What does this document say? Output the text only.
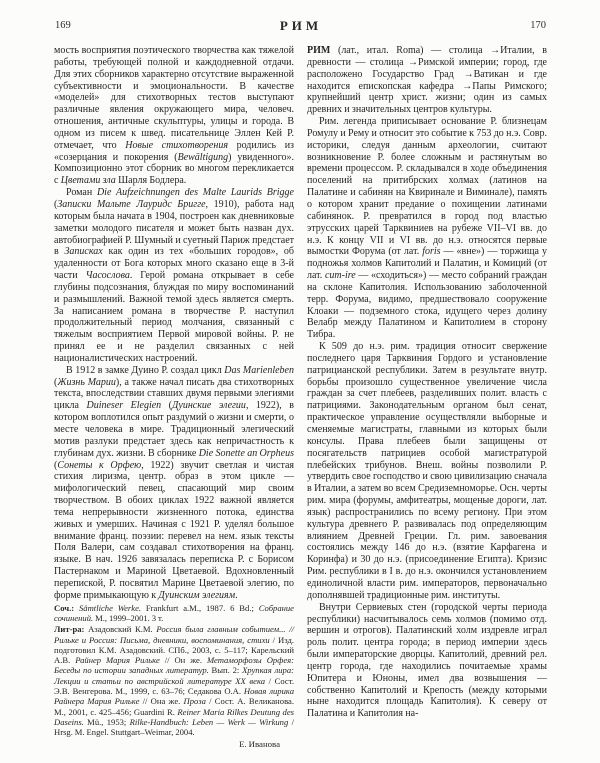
169	РИМ	170

мость восприятия поэтического творчества как тяжелой работы, требующей полной и каждодневной отдачи. Для этих сборников характерно отсутствие выраженной субъективности и эмоциональности. В качестве «моделей» для стихотворных тестов выступают различные явления окружающего мира, человеч. отношения, античные скульптуры, улицы и города. В одном из писем к швед. писательнице Эллен Кей Р. отмечает, что Новые стихотворения родились из «созерцания и покорения (Bewältigung) увиденного». Композиционно этот сборник во многом перекликается с Цветами зла Шарля Бодлера.

Роман Die Aufzeichnungen des Malte Laurids Brigge (Записки Мальте Лауридс Бригге, 1910), работа над которым была начата в 1904, построен как дневниковые заметки молодого писателя и может быть назван дух. автобиографией Р. Шумный и суетный Париж предстает в Записках как один из тех «больших городов», об удаленности от Бога которых много сказано еще в 3-й части Часослова. Герой романа открывает в себе глубины подсознания, блуждая по миру воспоминаний и размышлений. Важной темой здесь является смерть. За написанием романа в творчестве Р. наступил продолжительный период молчания, связанный с тяжелым восприятием Первой мировой войны. Р. не принял ее и не разделил связанных с ней националистических настроений.

В 1912 в замке Дуино Р. создал цикл Das Marienleben (Жизнь Марии), а также начал писать два стихотворных текста, впоследствии ставших двумя первыми элегиями цикла Duineser Elegien (Дуинские элегии, 1922), в котором воплотился опыт раздумий о жизни и смерти, о месте человека в мире. Традиционный элегический мотив разлуки предстает здесь как непричастность к глубинам дух. жизни. В сборнике Die Sonette an Orpheus (Сонеты к Орфею, 1922) звучит светлая и чистая стихия лиризма, центр. образ в этом цикле — мифологический певец, спасающий мир своим творчеством. В обоих циклах 1922 важной является тема непрерывности жизненного потока, единства живых и умерших. Начиная с 1921 Р. уделял большое внимание франц. поэзии: перевел на нем. язык тексты Поля Валери, сам создавал стихотворения на франц. языке. В нач. 1926 завязалась переписка Р. с Борисом Пастернаком и Мариной Цветаевой. Вдохновленный перепиской, Р. посвятил Марине Цветаевой элегию, по форме примыкающую к Дуинским элегиям.

Соч.: Sämtliche Werke. Frankfurt a.M., 1987. 6 Bd.; Собрание сочинений. М., 1999–2001. 3 т.

Лит-ра: Азадовский К.М. Россия была главным событием... // Рильке и Россия: Письма, дневники, воспоминания, стихи / Изд. подготовил К.М. Азадовский. СПб., 2003, с. 5–117; Карельский А.В. Райнер Мария Рильке // Он же. Метаморфозы Орфея: Беседы по истории западных литератур. Вып. 2: Хрупкая лира: Лекции и статьи по австрийской литературе XX века / Сост. Э.В. Венгерова. М., 1999, с. 63–76; Седакова О.А. Новая лирика Райнера Мария Рильке // Она же. Проза / Сост. А. Великанова. М., 2001, с. 425–456; Guardini R. Reiner Maria Rilkes Deutung des Daseins. Mü., 1953; Rilke-Handbuch: Leben — Werk — Wirkung / Hrsg. M. Engel. Stuttgart–Weimar, 2004.

Е. Иванова

РИМ (лат., итал. Roma) — столица →Италии, в древности — столица →Римской империи; город, где расположено Государство Град →Ватикан и где находится епископская кафедра →Папы Римского; крупнейший центр христ. жизни; один из самых древних и значительных центров культуры.

Рим. легенда приписывает основание Р. близнецам Ромулу и Рему и относит это событие к 753 до н.э. Совр. историки, следуя данным археологии, считают возникновение Р. более сложным и растянутым во времени процессом. Р. складывался в ходе объединения поселений на притибрских холмах (латинов на Палатине и сабинян на Квиринале и Виминале), память о котором хранит предание о похищении латинами сабинянок. Р. превратился в город под властью этрусских царей Тарквиниев на рубеже VII–VI вв. до н.э. К концу VII и VI вв. до н.э. относятся первые вымостки Форума (от лат. foris — «вне») — торжища у подножья холмов Капитолий и Палатин, и Комиций (от лат. cum-ire — «сходиться») — место собраний граждан на склоне Капитолия. Использованию заболоченной терр. Форума, видимо, предшествовало сооружение Клоаки — подземного стока, идущего через долину Велабр между Палатином и Капитолием в сторону Тибра.

К 509 до н.э. рим. традиция относит свержение последнего царя Тарквиния Гордого и установление патрицианской республики. Затем в результате внутр. борьбы произошло существенное увеличение числа граждан за счет плебеев, разделивших полит. власть с патрициями. Законодательным органом был сенат, практическое управление осуществляли выборные и сменяемые магистраты, главными из которых были консулы. Права плебеев были защищены от посягательств патрициев особой магистратурой плебейских трибунов. Внеш. войны позволили Р. утвердить свое господство и свою цивилизацию сначала в Италии, а затем во всем Средиземноморье. Осн. черты рим. мира (форумы, амфитеатры, мощеные дороги, лат. язык) распространились по всему региону. При этом культура древнего Р. развивалась под определяющим влиянием Древней Греции. Гл. рим. завоевания состоялись между 146 до н.э. (взятие Карфагена и Коринфа) и 30 до н.э. (присоединение Египта). Кризис Рим. республики в I в. до н.э. окончился установлением единоличной власти рим. императоров, первоначально дополнявшей традиционные рим. институты.

Внутри Сервиевых стен (городской черты периода республики) насчитывалось семь холмов (помимо отд. вершин и отрогов). Палатинский холм издревле играл роль полит. центра города; в период империи здесь были императорские дворцы. Капитолий, древний рел. центр города, где находились почитаемые храмы Юпитера и Юноны, имел два возвышения — собственно Капитолий и Крепость (между которыми ныне находится площадь Капитолия). К северу от Палатина и Капитолия на-
